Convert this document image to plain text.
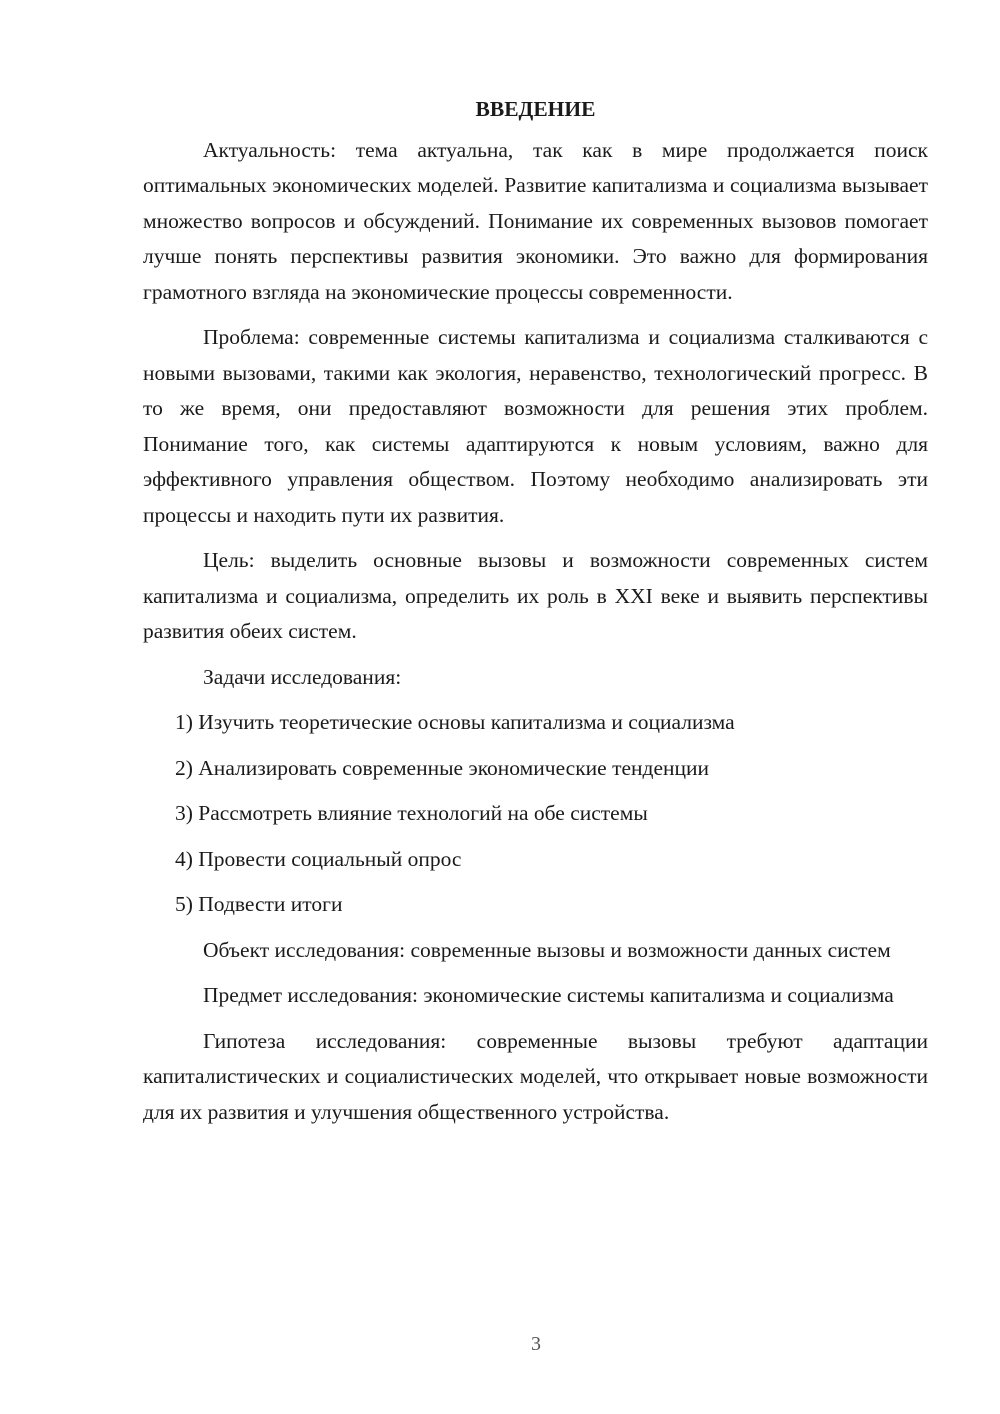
ВВЕДЕНИЕ

Актуальность: тема актуальна, так как в мире продолжается поиск оптимальных экономических моделей. Развитие капитализма и социализма вызывает множество вопросов и обсуждений. Понимание их современных вызовов помогает лучше понять перспективы развития экономики. Это важно для формирования грамотного взгляда на экономические процессы современности.

Проблема: современные системы капитализма и социализма сталкиваются с новыми вызовами, такими как экология, неравенство, технологический прогресс. В то же время, они предоставляют возможности для решения этих проблем. Понимание того, как системы адаптируются к новым условиям, важно для эффективного управления обществом. Поэтому необходимо анализировать эти процессы и находить пути их развития.

Цель: выделить основные вызовы и возможности современных систем капитализма и социализма, определить их роль в XXI веке и выявить перспективы развития обеих систем.

Задачи исследования:

1) Изучить теоретические основы капитализма и социализма

2) Анализировать современные экономические тенденции

3) Рассмотреть влияние технологий на обе системы

4) Провести социальный опрос

5) Подвести итоги

Объект исследования: современные вызовы и возможности данных систем

Предмет исследования: экономические системы капитализма и социализма

Гипотеза исследования: современные вызовы требуют адаптации капиталистических и социалистических моделей, что открывает новые возможности для их развития и улучшения общественного устройства.

3
